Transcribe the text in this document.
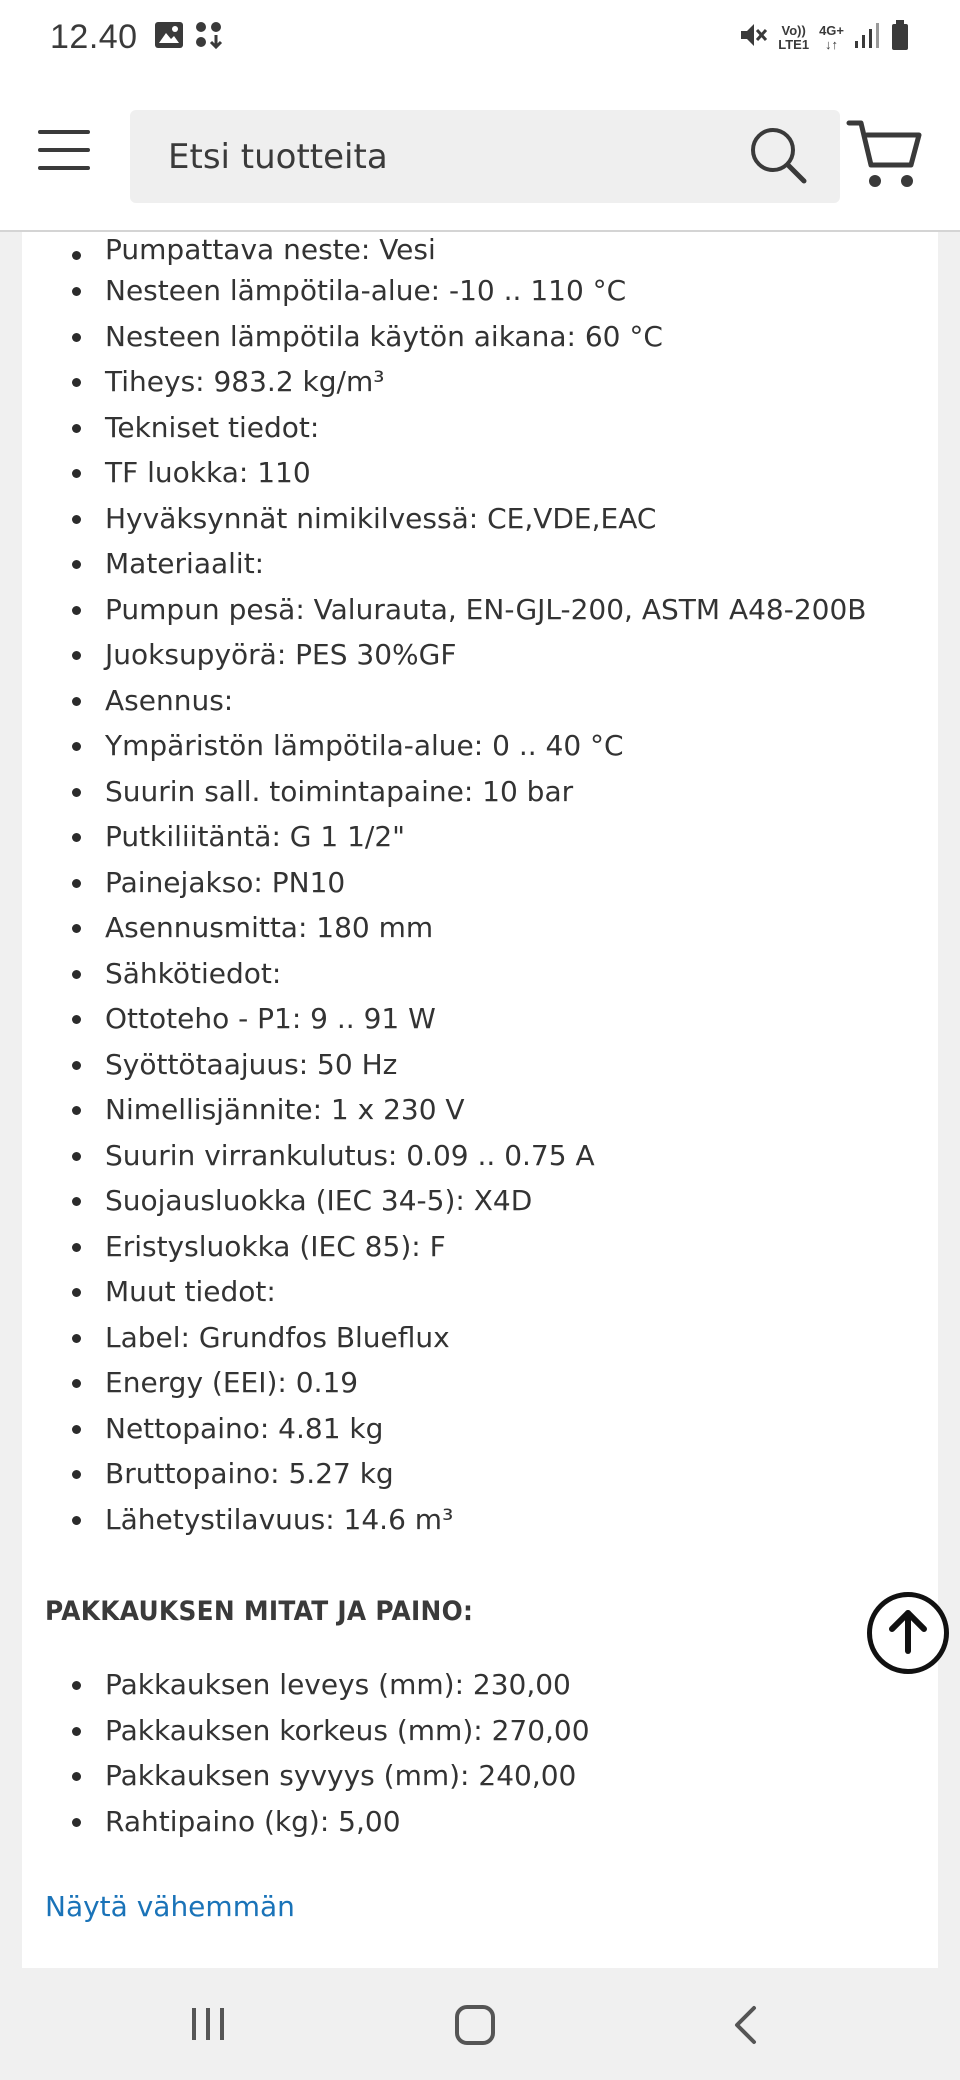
12.40	Vo))
LTE1
4G+
↓↑
Etsi tuotteita
Pumpattava neste: Vesi
Nesteen lämpötila-alue: -10 .. 110 °C
Nesteen lämpötila käytön aikana: 60 °C
Tiheys: 983.2 kg/m³
Tekniset tiedot:
TF luokka: 110
Hyväksynnät nimikilvessä: CE,VDE,EAC
Materiaalit:
Pumpun pesä: Valurauta, EN-GJL-200, ASTM A48-200B
Juoksupyörä: PES 30%GF
Asennus:
Ympäristön lämpötila-alue: 0 .. 40 °C
Suurin sall. toimintapaine: 10 bar
Putkiliitäntä: G 1 1/2"
Painejakso: PN10
Asennusmitta: 180 mm
Sähkötiedot:
Ottoteho - P1: 9 .. 91 W
Syöttötaajuus: 50 Hz
Nimellisjännite: 1 x 230 V
Suurin virrankulutus: 0.09 .. 0.75 A
Suojausluokka (IEC 34-5): X4D
Eristysluokka (IEC 85): F
Muut tiedot:
Label: Grundfos Blueflux
Energy (EEI): 0.19
Nettopaino: 4.81 kg
Bruttopaino: 5.27 kg
Lähetystilavuus: 14.6 m³
PAKKAUKSEN MITAT JA PAINO:
Pakkauksen leveys (mm): 230,00
Pakkauksen korkeus (mm): 270,00
Pakkauksen syvyys (mm): 240,00
Rahtipaino (kg): 5,00
Näytä vähemmän
